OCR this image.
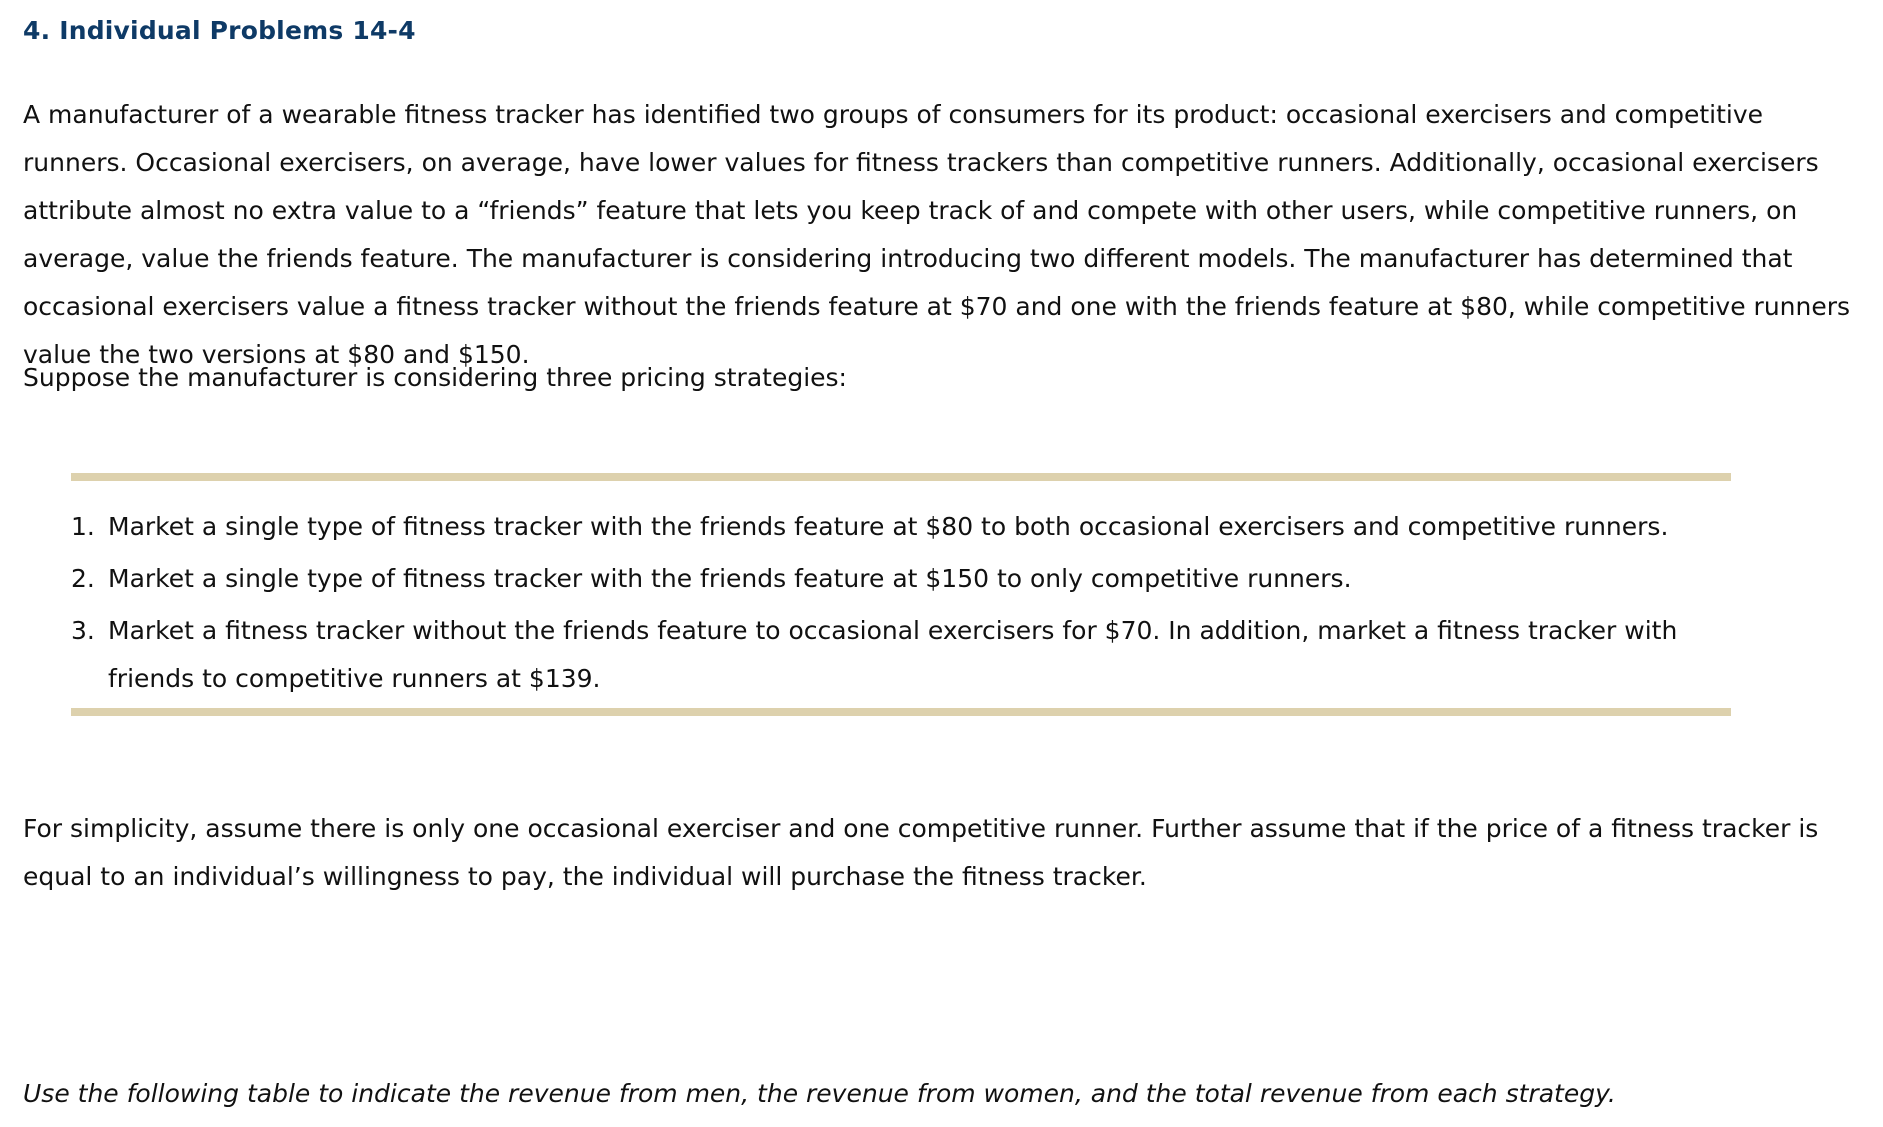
4. Individual Problems 14-4

A manufacturer of a wearable fitness tracker has identified two groups of consumers for its product: occasional exercisers and competitive runners. Occasional exercisers, on average, have lower values for fitness trackers than competitive runners. Additionally, occasional exercisers attribute almost no extra value to a “friends” feature that lets you keep track of and compete with other users, while competitive runners, on average, value the friends feature. The manufacturer is considering introducing two different models. The manufacturer has determined that occasional exercisers value a fitness tracker without the friends feature at $70 and one with the friends feature at $80, while competitive runners value the two versions at $80 and $150.

Suppose the manufacturer is considering three pricing strategies:

1. Market a single type of fitness tracker with the friends feature at $80 to both occasional exercisers and competitive runners.
2. Market a single type of fitness tracker with the friends feature at $150 to only competitive runners.
3. Market a fitness tracker without the friends feature to occasional exercisers for $70. In addition, market a fitness tracker with friends to competitive runners at $139.

For simplicity, assume there is only one occasional exerciser and one competitive runner. Further assume that if the price of a fitness tracker is equal to an individual’s willingness to pay, the individual will purchase the fitness tracker.

Use the following table to indicate the revenue from men, the revenue from women, and the total revenue from each strategy.
